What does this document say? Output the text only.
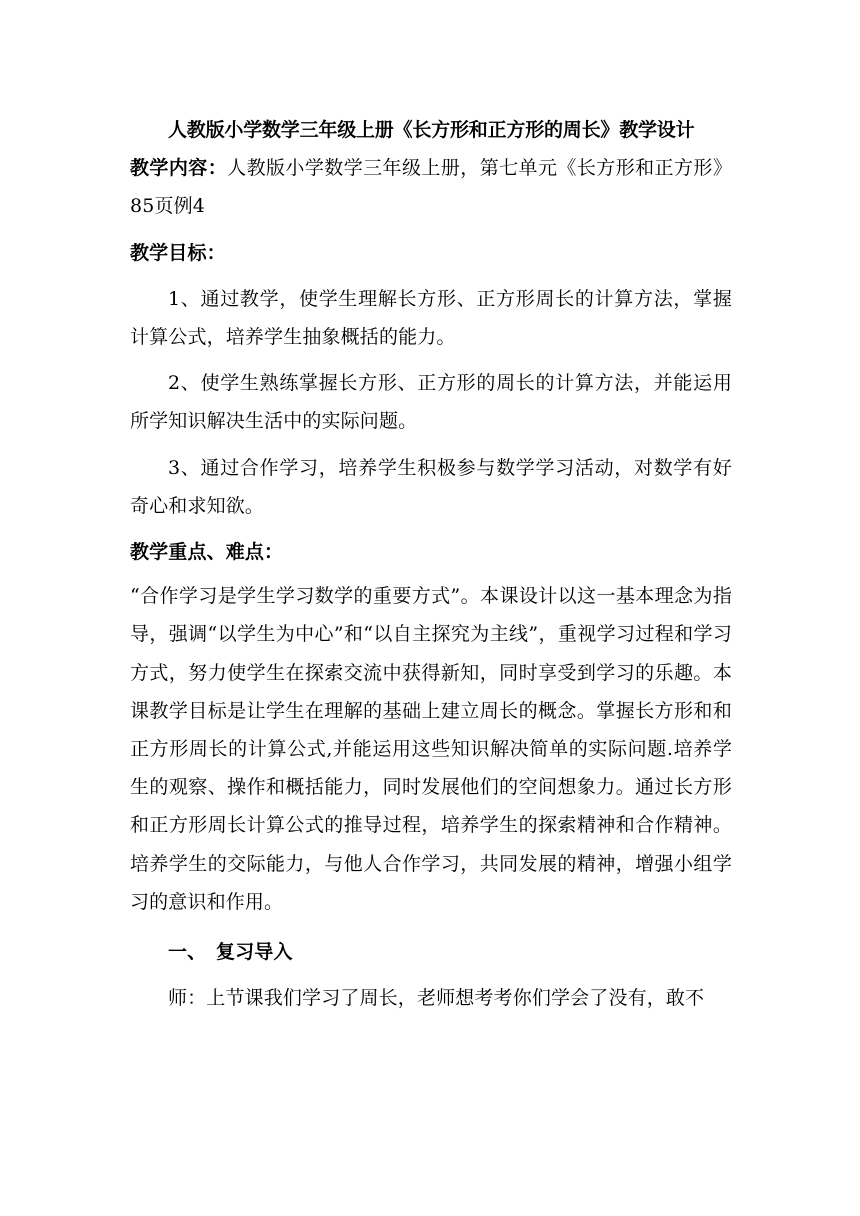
人教版小学数学三年级上册《长方形和正方形的周长》教学设计

教学内容：人教版小学数学三年级上册，第七单元《长方形和正方形》85页例4

教学目标：

1、通过教学，使学生理解长方形、正方形周长的计算方法，掌握计算公式，培养学生抽象概括的能力。

2、使学生熟练掌握长方形、正方形的周长的计算方法，并能运用所学知识解决生活中的实际问题。

3、通过合作学习，培养学生积极参与数学学习活动，对数学有好奇心和求知欲。

教学重点、难点：

“合作学习是学生学习数学的重要方式”。本课设计以这一基本理念为指导，强调“以学生为中心”和“以自主探究为主线”，重视学习过程和学习方式，努力使学生在探索交流中获得新知，同时享受到学习的乐趣。本课教学目标是让学生在理解的基础上建立周长的概念。掌握长方形和和正方形周长的计算公式,并能运用这些知识解决简单的实际问题.培养学生的观察、操作和概括能力，同时发展他们的空间想象力。通过长方形和正方形周长计算公式的推导过程，培养学生的探索精神和合作精神。培养学生的交际能力，与他人合作学习，共同发展的精神，增强小组学习的意识和作用。

一、 复习导入

师：上节课我们学习了周长，老师想考考你们学会了没有，敢不
